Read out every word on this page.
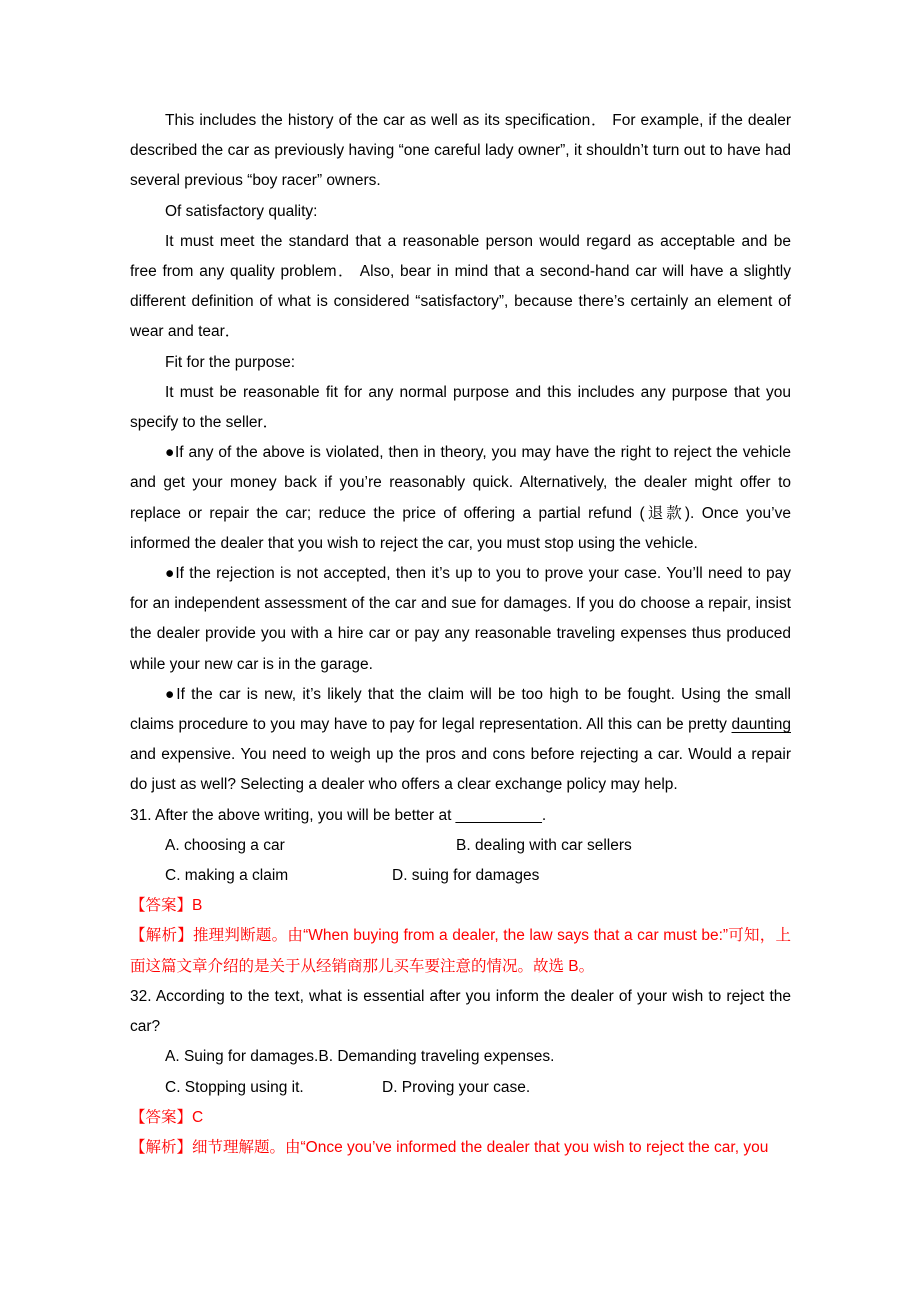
This includes the history of the car as well as its specification． For example, if the dealer described the car as previously having “one careful lady owner”, it shouldn’t turn out to have had several previous “boy racer” owners.

Of satisfactory quality:

It must meet the standard that a reasonable person would regard as acceptable and be free from any quality problem． Also, bear in mind that a second-hand car will have a slightly different definition of what is considered “satisfactory”, because there’s certainly an element of wear and tear．

Fit for the purpose:

It must be reasonable fit for any normal purpose and this includes any purpose that you specify to the seller．

●If any of the above is violated, then in theory, you may have the right to reject the vehicle and get your money back if you’re reasonably quick. Alternatively, the dealer might offer to replace or repair the car; reduce the price of offering a partial refund (退款). Once you’ve informed the dealer that you wish to reject the car, you must stop using the vehicle.

●If the rejection is not accepted, then it’s up to you to prove your case. You’ll need to pay for an independent assessment of the car and sue for damages. If you do choose a repair, insist the dealer provide you with a hire car or pay any reasonable traveling expenses thus produced while your new car is in the garage.

●If the car is new, it’s likely that the claim will be too high to be fought. Using the small claims procedure to you may have to pay for legal representation. All this can be pretty daunting and expensive. You need to weigh up the pros and cons before rejecting a car. Would a repair do just as well? Selecting a dealer who offers a clear exchange policy may help.

31. After the above writing, you will be better at __________.

A. choosing a car	B. dealing with car sellers

C. making a claim	D. suing for damages

【答案】B

【解析】推理判断题。由“When buying from a dealer, the law says that a car must be:”可知，上面这篇文章介绍的是关于从经销商那儿买车要注意的情况。故选 B。

32. According to the text, what is essential after you inform the dealer of your wish to reject the car?

A. Suing for damages.B. Demanding traveling expenses.

C. Stopping using it.	D. Proving your case.

【答案】C

【解析】细节理解题。由“Once you’ve informed the dealer that you wish to reject the car, you
